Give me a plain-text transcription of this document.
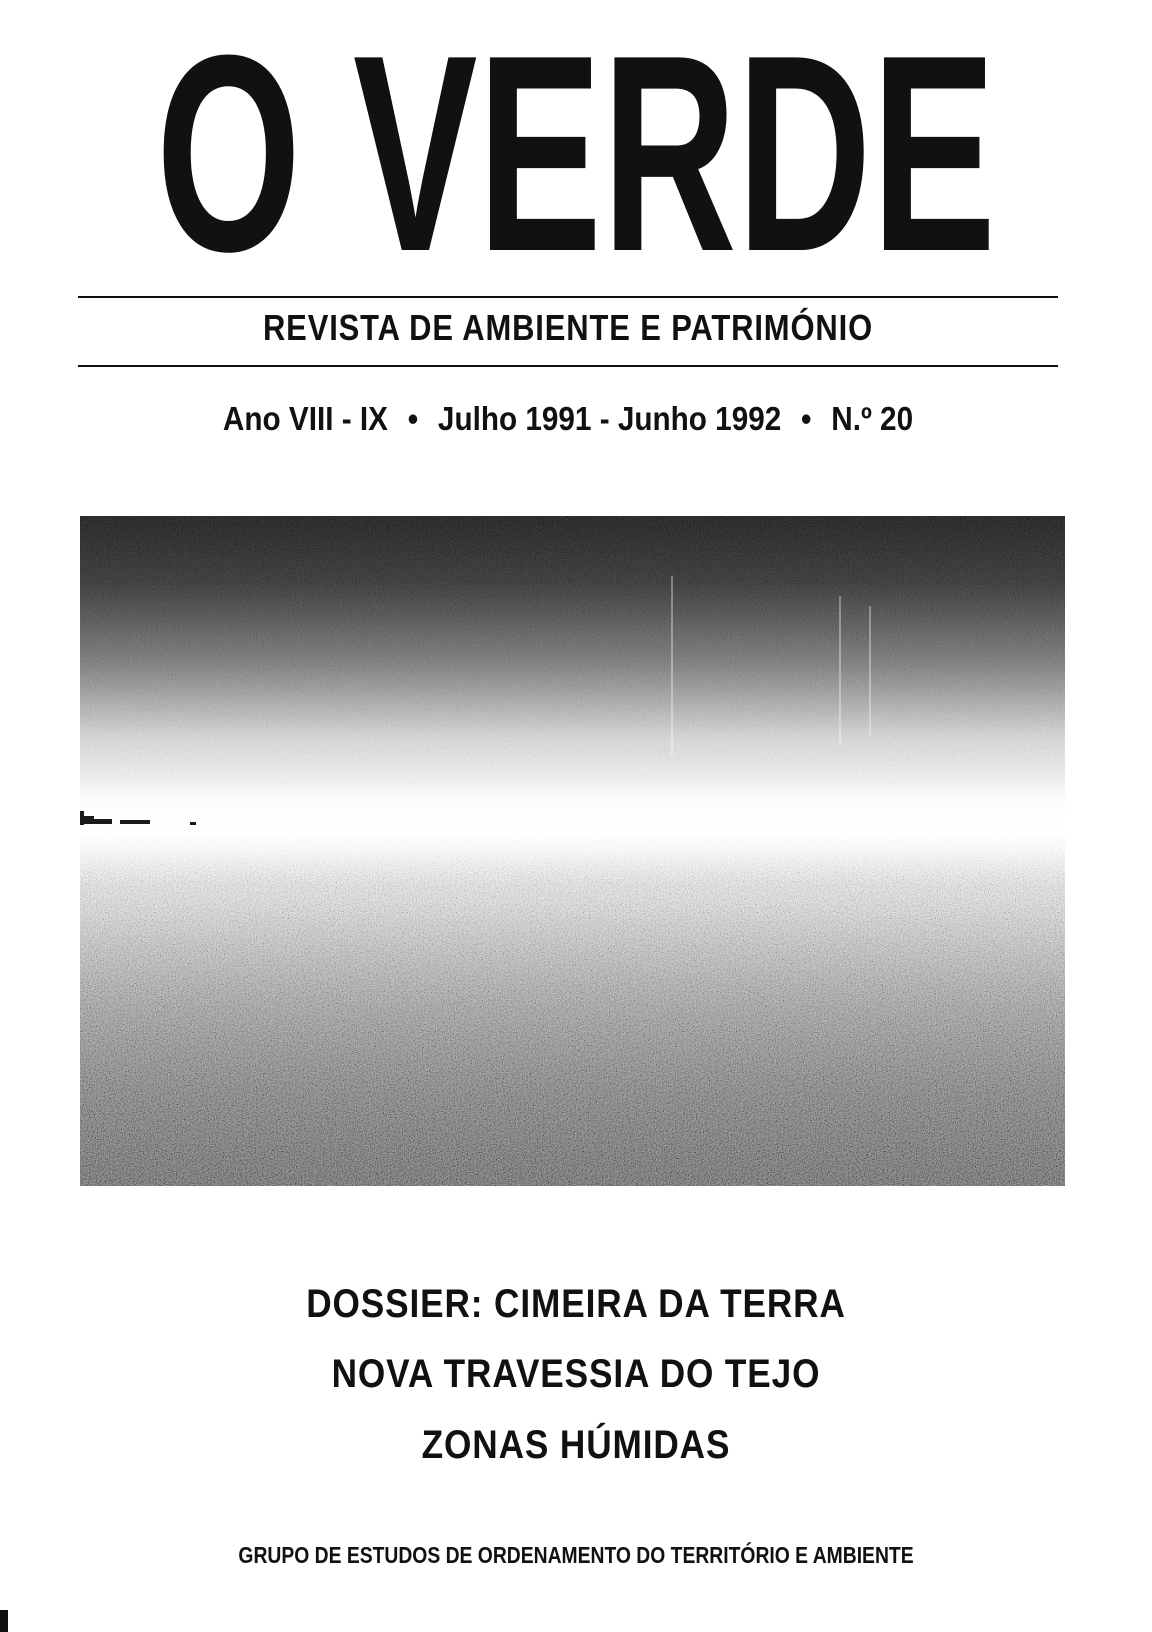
O VERDE
REVISTA DE AMBIENTE E PATRIMÓNIO
Ano VIII - IX • Julho 1991 - Junho 1992 • N.º 20
DOSSIER: CIMEIRA DA TERRA
NOVA TRAVESSIA DO TEJO
ZONAS HÚMIDAS
GRUPO DE ESTUDOS DE ORDENAMENTO DO TERRITÓRIO E AMBIENTE
